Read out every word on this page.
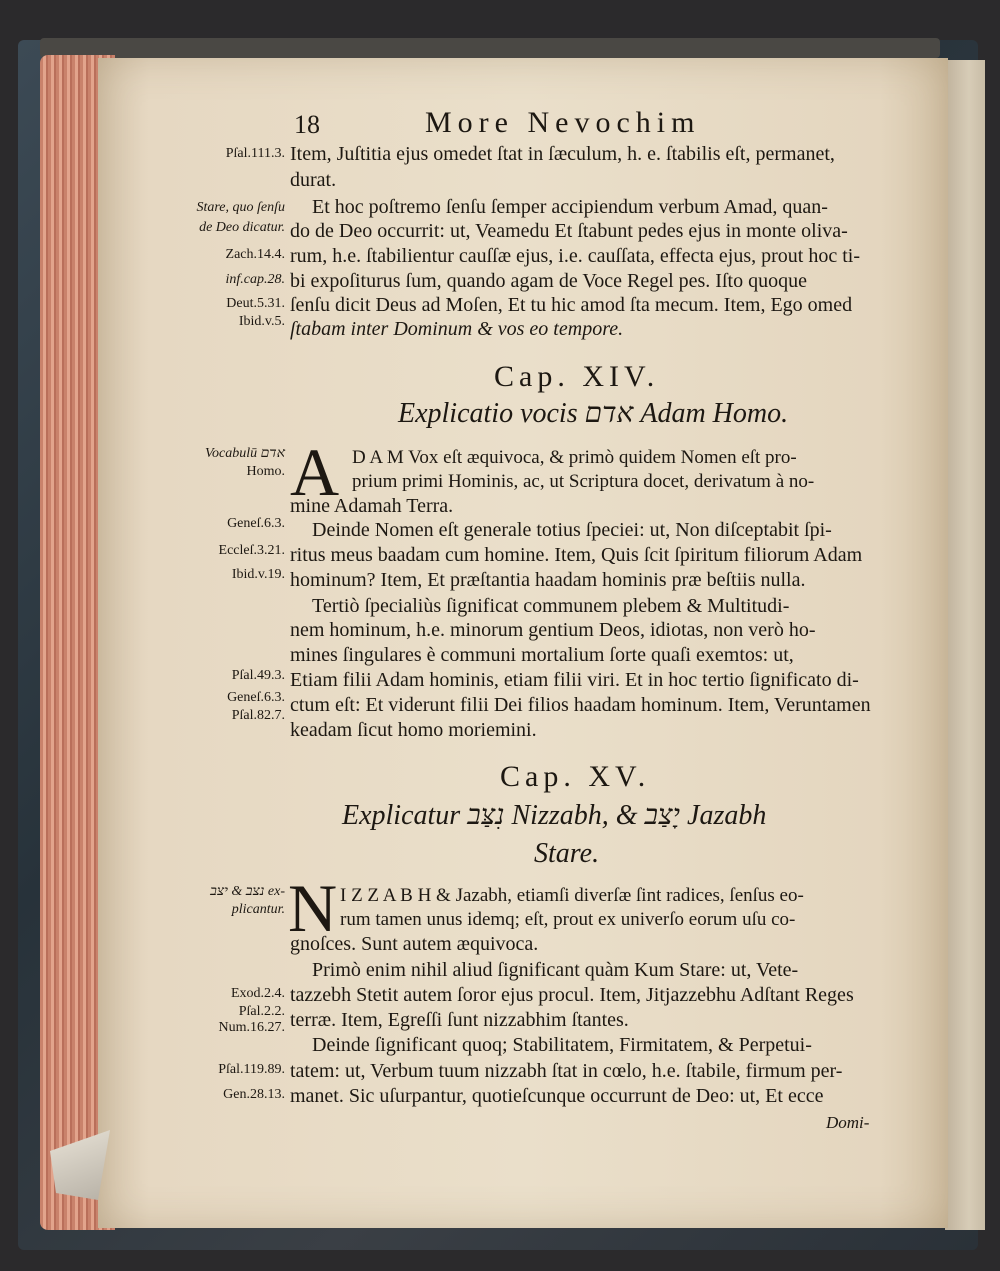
18	More Nevochim
Pſal.111.3.
Stare, quo ſenſu
de Deo dicatur.
Zach.14.4.
inf.cap.28.
Deut.5.31.
Ibid.v.5.
Item, Juſtitia ejus omedet ſtat in ſæculum, h. e. ſtabilis eſt, permanet,
durat.
Et hoc poſtremo ſenſu ſemper accipiendum verbum Amad, quan-
do de Deo occurrit: ut, Veamedu Et ſtabunt pedes ejus in monte oliva-
rum, h.e. ſtabilientur cauſſæ ejus, i.e. cauſſata, effecta ejus, prout hoc ti-
bi expoſiturus ſum, quando agam de Voce Regel pes. Iſto quoque
ſenſu dicit Deus ad Moſen, Et tu hic amod ſta mecum. Item, Ego omed
ſtabam inter Dominum & vos eo tempore.
Cap. XIV.
Explicatio vocis אדם Adam Homo.
Vocabulū אדם
Homo.
Geneſ.6.3.
Eccleſ.3.21.
Ibid.v.19.
Pſal.49.3.
Geneſ.6.3.
Pſal.82.7.
A D A M Vox eſt æquivoca, & primò quidem Nomen eſt pro-
prium primi Hominis, ac, ut Scriptura docet, derivatum à no-
mine Adamah Terra.
Deinde Nomen eſt generale totius ſpeciei: ut, Non diſceptabit ſpi-
ritus meus baadam cum homine. Item, Quis ſcit ſpiritum filiorum Adam
hominum? Item, Et præſtantia haadam hominis præ beſtiis nulla.
Tertiò ſpecialiùs ſignificat communem plebem & Multitudi-
nem hominum, h.e. minorum gentium Deos, idiotas, non verò ho-
mines ſingulares è communi mortalium ſorte quaſi exemtos: ut,
Etiam filii Adam hominis, etiam filii viri. Et in hoc tertio ſignificato di-
ctum eſt: Et viderunt filii Dei filios haadam hominum. Item, Veruntamen
keadam ſicut homo moriemini.
Cap. XV.
Explicatur נִצַּב Nizzabh, & יָצַב Jazabh
Stare.
נצב & יצב ex-
plicantur.
Exod.2.4.
Pſal.2.2.
Num.16.27.
Pſal.119.89.
Gen.28.13.
N I Z Z A B H & Jazabh, etiamſi diverſæ ſint radices, ſenſus eo-
rum tamen unus idemq; eſt, prout ex univerſo eorum uſu co-
gnoſces. Sunt autem æquivoca.
Primò enim nihil aliud ſignificant quàm Kum Stare: ut, Vete-
tazzebh Stetit autem ſoror ejus procul. Item, Jitjazzebhu Adſtant Reges
terræ. Item, Egreſſi ſunt nizzabhim ſtantes.
Deinde ſignificant quoq; Stabilitatem, Firmitatem, & Perpetui-
tatem: ut, Verbum tuum nizzabh ſtat in cœlo, h.e. ſtabile, firmum per-
manet. Sic uſurpantur, quotieſcunque occurrunt de Deo: ut, Et ecce
Domi-
